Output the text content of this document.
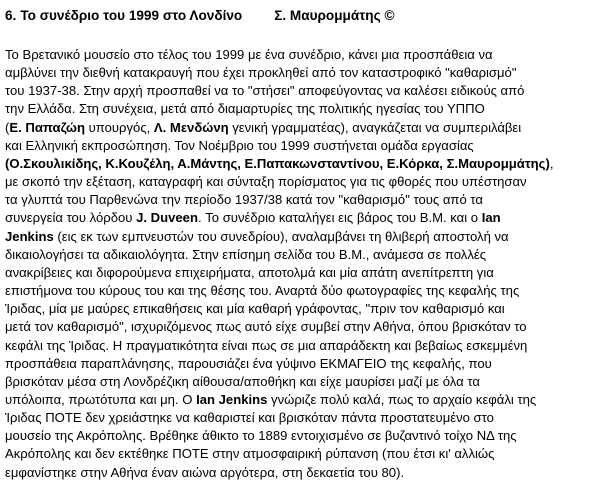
6. Το συνέδριο του 1999 στο Λονδίνο Σ. Μαυρομμάτης ©
Το Βρετανικό μουσείο στο τέλος του 1999 με ένα συνέδριο, κάνει μια προσπάθεια να
αμβλύνει την διεθνή κατακραυγή που έχει προκληθεί από τον καταστροφικό "καθαρισμό"
του 1937-38. Στην αρχή προσπαθεί να το "στήσει" αποφεύγοντας να καλέσει ειδικούς από
την Ελλάδα. Στη συνέχεια, μετά από διαμαρτυρίες της πολιτικής ηγεσίας του ΥΠΠΟ
(Ε. Παπαζώη υπουργός, Λ. Μενδώνη γενική γραμματέας), αναγκάζεται να συμπεριλάβει
και Ελληνική εκπροσώπηση. Τον Νοέμβριο του 1999 συστήνεται ομάδα εργασίας
(Ο.Σκουλικίδης, Κ.Κουζέλη, Α.Μάντης, Ε.Παπακωνσταντίνου, Ε.Κόρκα, Σ.Μαυρομμάτης),
με σκοπό την εξέταση, καταγραφή και σύνταξη πορίσματος για τις φθορές που υπέστησαν
τα γλυπτά του Παρθενώνα την περίοδο 1937/38 κατά τον "καθαρισμό" τους από τα
συνεργεία του λόρδου J. Duveen. Το συνέδριο καταλήγει εις βάρος του Β.Μ. και ο Ian
Jenkins (εις εκ των εμπνευστών του συνεδρίου), αναλαμβάνει τη θλιβερή αποστολή να
δικαιολογήσει τα αδικαιολόγητα. Στην επίσημη σελίδα του Β.Μ., ανάμεσα σε πολλές
ανακρίβειες και διφορούμενα επιχειρήματα, αποτολμά και μία απάτη ανεπίτρεπτη για
επιστήμονα του κύρους του και της θέσης του. Αναρτά δύο φωτογραφίες της κεφαλής της
Ίριδας, μία με μαύρες επικαθήσεις και μία καθαρή γράφοντας, "πριν τον καθαρισμό και
μετά τον καθαρισμό", ισχυριζόμενος πως αυτό είχε συμβεί στην Αθήνα, όπου βρισκόταν το
κεφάλι της Ίριδας. Η πραγματικότητα είναι πως σε μια απαράδεκτη και βεβαίως εσκεμμένη
προσπάθεια παραπλάνησης, παρουσιάζει ένα γύψινο ΕΚΜΑΓΕΙΟ της κεφαλής, που
βρισκόταν μέσα στη Λονδρέζικη αίθουσα/αποθήκη και είχε μαυρίσει μαζί με όλα τα
υπόλοιπα, πρωτότυπα και μη. Ο Ian Jenkins γνώριζε πολύ καλά, πως το αρχαίο κεφάλι της
Ίριδας ΠΟΤΕ δεν χρειάστηκε να καθαριστεί και βρισκόταν πάντα προστατευμένο στο
μουσείο της Ακρόπολης. Βρέθηκε άθικτο το 1889 εντοιχισμένο σε βυζαντινό τοίχο ΝΔ της
Ακρόπολης και δεν εκτέθηκε ΠΟΤΕ στην ατμοσφαιρική ρύπανση (που έτσι κι' αλλιώς
εμφανίστηκε στην Αθήνα έναν αιώνα αργότερα, στη δεκαετία του 80).
